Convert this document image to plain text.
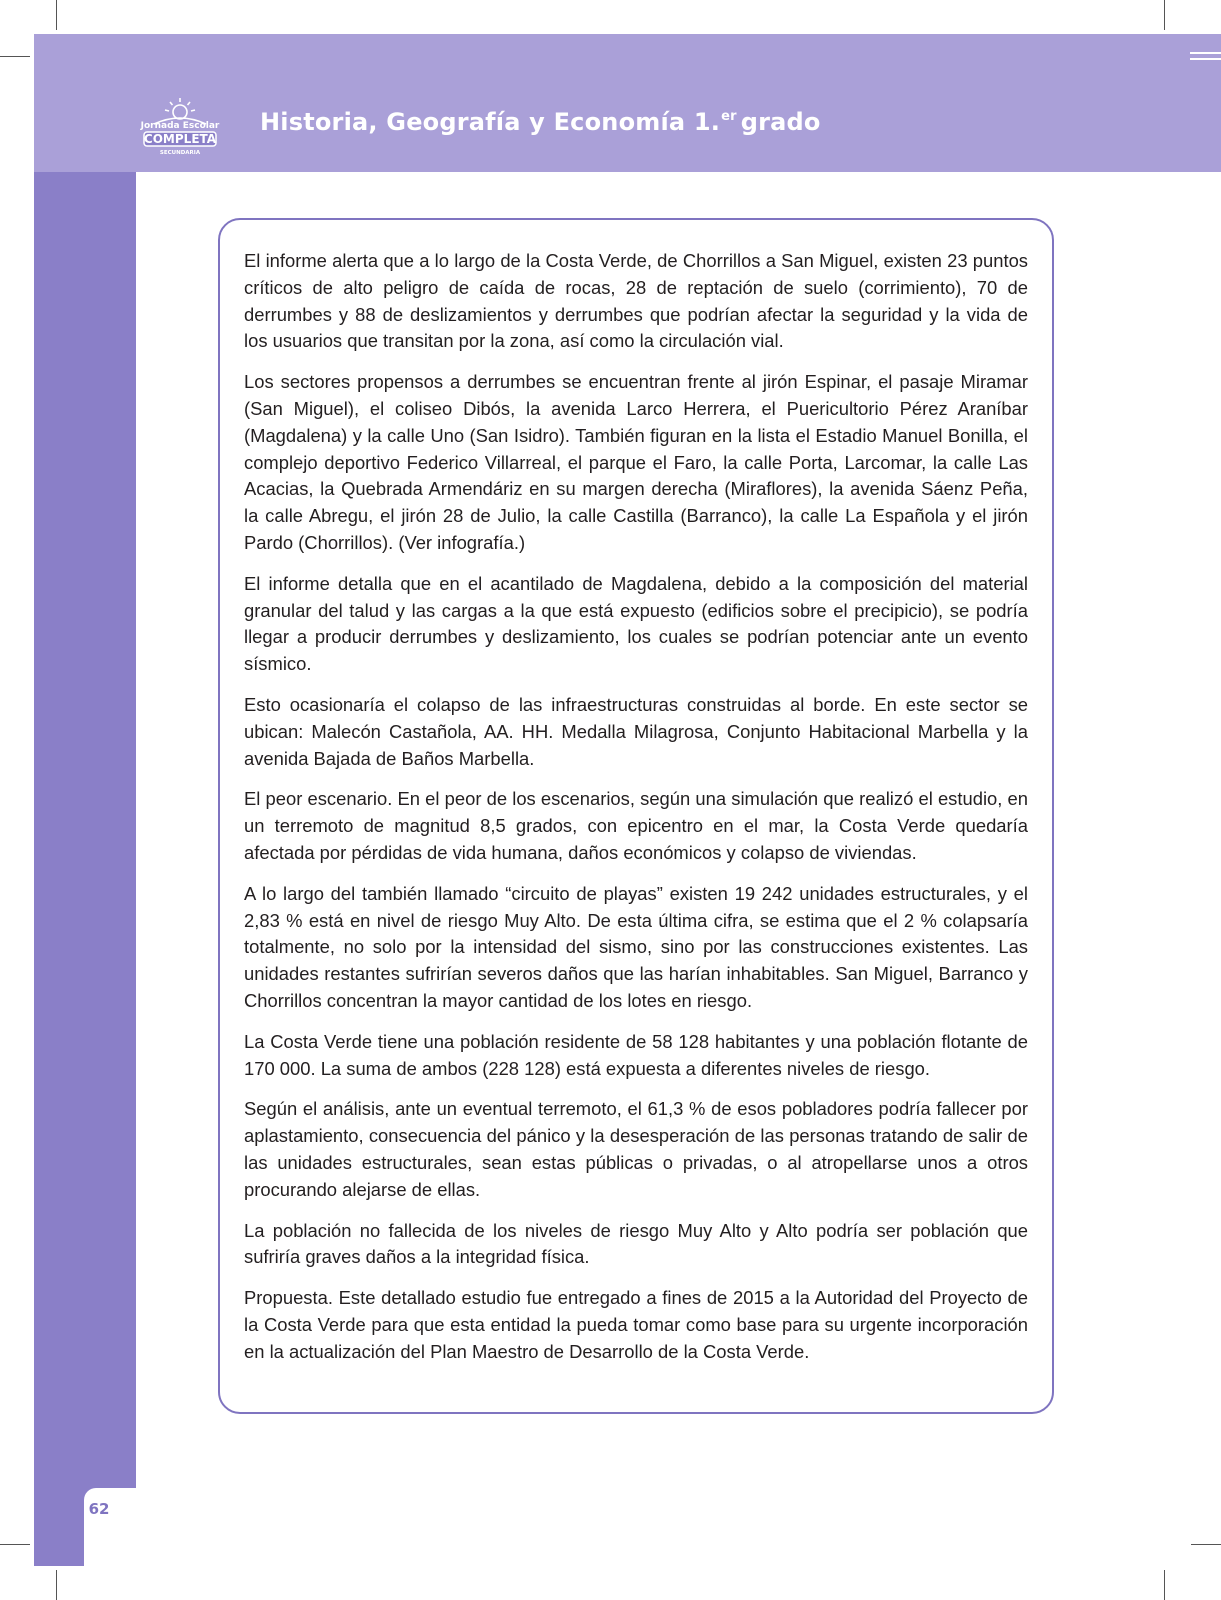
62
Jornada Escolar
COMPLETA
SECUNDARIA
Historia, Geografía y Economía 1.$^{er}$ grado

El informe alerta que a lo largo de la Costa Verde, de Chorrillos a San Miguel, existen 23 puntos críticos de alto peligro de caída de rocas, 28 de reptación de suelo (corrimiento), 70 de derrumbes y 88 de deslizamientos y derrumbes que podrían afectar la seguridad y la vida de los usuarios que transitan por la zona, así como la circulación vial.

Los sectores propensos a derrumbes se encuentran frente al jirón Espinar, el pasaje Miramar (San Miguel), el coliseo Dibós, la avenida Larco Herrera, el Puericultorio Pérez Araníbar (Magdalena) y la calle Uno (San Isidro). También figuran en la lista el Estadio Manuel Bonilla, el complejo deportivo Federico Villarreal, el parque el Faro, la calle Porta, Larcomar, la calle Las Acacias, la Quebrada Armendáriz en su margen derecha (Miraflores), la avenida Sáenz Peña, la calle Abregu, el jirón 28 de Julio, la calle Castilla (Barranco), la calle La Española y el jirón Pardo (Chorrillos). (Ver infografía.)

El informe detalla que en el acantilado de Magdalena, debido a la composición del material granular del talud y las cargas a la que está expuesto (edificios sobre el precipicio), se podría llegar a producir derrumbes y deslizamiento, los cuales se podrían potenciar ante un evento sísmico.

Esto ocasionaría el colapso de las infraestructuras construidas al borde. En este sector se ubican: Malecón Castañola, AA. HH. Medalla Milagrosa, Conjunto Habitacional Marbella y la avenida Bajada de Baños Marbella.

El peor escenario. En el peor de los escenarios, según una simulación que realizó el estudio, en un terremoto de magnitud 8,5 grados, con epicentro en el mar, la Costa Verde quedaría afectada por pérdidas de vida humana, daños económicos y colapso de viviendas.

A lo largo del también llamado “circuito de playas” existen 19 242 unidades estructurales, y el 2,83 % está en nivel de riesgo Muy Alto. De esta última cifra, se estima que el 2 % colapsaría totalmente, no solo por la intensidad del sismo, sino por las construcciones existentes. Las unidades restantes sufrirían severos daños que las harían inhabitables. San Miguel, Barranco y Chorrillos concentran la mayor cantidad de los lotes en riesgo.

La Costa Verde tiene una población residente de 58 128 habitantes y una población flotante de 170 000. La suma de ambos (228 128) está expuesta a diferentes niveles de riesgo.

Según el análisis, ante un eventual terremoto, el 61,3 % de esos pobladores podría fallecer por aplastamiento, consecuencia del pánico y la desesperación de las personas tratando de salir de las unidades estructurales, sean estas públicas o privadas, o al atropellarse unos a otros procurando alejarse de ellas.

La población no fallecida de los niveles de riesgo Muy Alto y Alto podría ser población que sufriría graves daños a la integridad física.

Propuesta. Este detallado estudio fue entregado a fines de 2015 a la Autoridad del Proyecto de la Costa Verde para que esta entidad la pueda tomar como base para su urgente incorporación en la actualización del Plan Maestro de Desarrollo de la Costa Verde.
